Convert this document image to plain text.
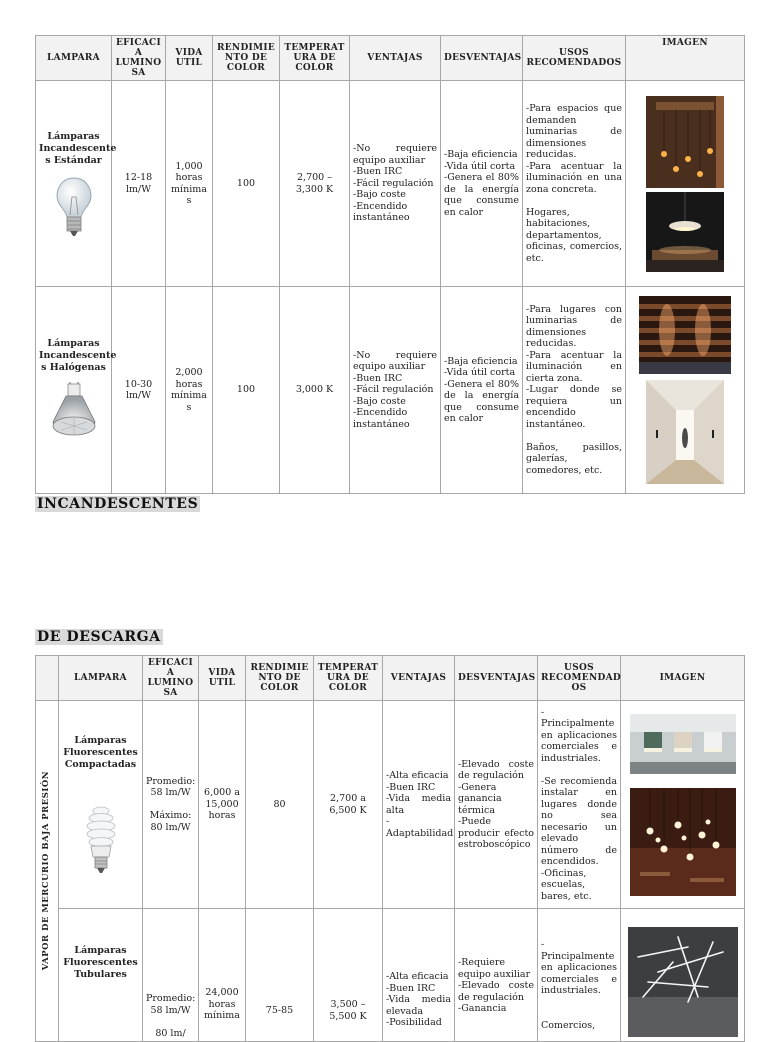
LAMPARA	EFICACI A LUMINO SA	VIDA UTIL	RENDIMIE NTO DE COLOR	TEMPERAT URA DE COLOR	VENTAJAS	DESVENTAJAS	USOS RECOMENDADOS	IMAGEN

Lámparas Incandescente s Estándar	12-18 lm/W	1,000 horas mínima s	100	2,700 – 3,300 K	-No requiere equipo auxiliar
-Buen IRC
-Fácil regulación
-Bajo coste
-Encendido instantáneo	-Baja eficiencia
-Vida útil corta
-Genera el 80% de la energía que consume en calor	-Para espacios que demanden luminarias de dimensiones reducidas.
-Para acentuar la iluminación en una zona concreta.

Hogares, habitaciones, departamentos, oficinas, comercios, etc.	

Lámparas Incandescente s Halógenas	10-30 lm/W	2,000 horas mínima s	100	3,000 K	-No requiere equipo auxiliar
-Buen IRC
-Fácil regulación
-Bajo coste
-Encendido instantáneo	-Baja eficiencia
-Vida útil corta
-Genera el 80% de la energía que consume en calor	-Para lugares con luminarias de dimensiones reducidas.
-Para acentuar la iluminación en cierta zona.
-Lugar donde se requiera un encendido instantáneo.

Baños, pasillos, galerías, comedores, etc.	
INCANDESCENTES
DE DESCARGA
	LAMPARA	EFICACI A LUMINO SA	VIDA UTIL	RENDIMIE NTO DE COLOR	TEMPERAT URA DE COLOR	VENTAJAS	DESVENTAJAS	USOS RECOMENDAD OS	IMAGEN

VAPOR DE MERCURIO BAJA PRESIÓN	Lámparas Fluorescentes Compactadas	Promedio: 58 lm/W

Máximo: 80 lm/W	6,000 a 15,000 horas	80	2,700 a 6,500 K	-Alta eficacia
-Buen IRC
-Vida media alta
-
Adaptabilidad	-Elevado coste de regulación
-Genera ganancia térmica
-Puede producir efecto estroboscópico	-Principalmente en aplicaciones comerciales e industriales.

-Se recomienda instalar en lugares donde no sea necesario un elevado número de encendidos.
-Oficinas, escuelas, bares, etc.	

	Lámparas Fluorescentes Tubulares	Promedio: 58 lm/W

80 lm/	24,000 horas mínima	75-85	3,500 – 5,500 K	-Alta eficacia
-Buen IRC
-Vida media elevada
-Posibilidad	-Requiere equipo auxiliar
-Elevado coste de regulación
-Ganancia	-Principalmente en aplicaciones comerciales e industriales.

Comercios,	
